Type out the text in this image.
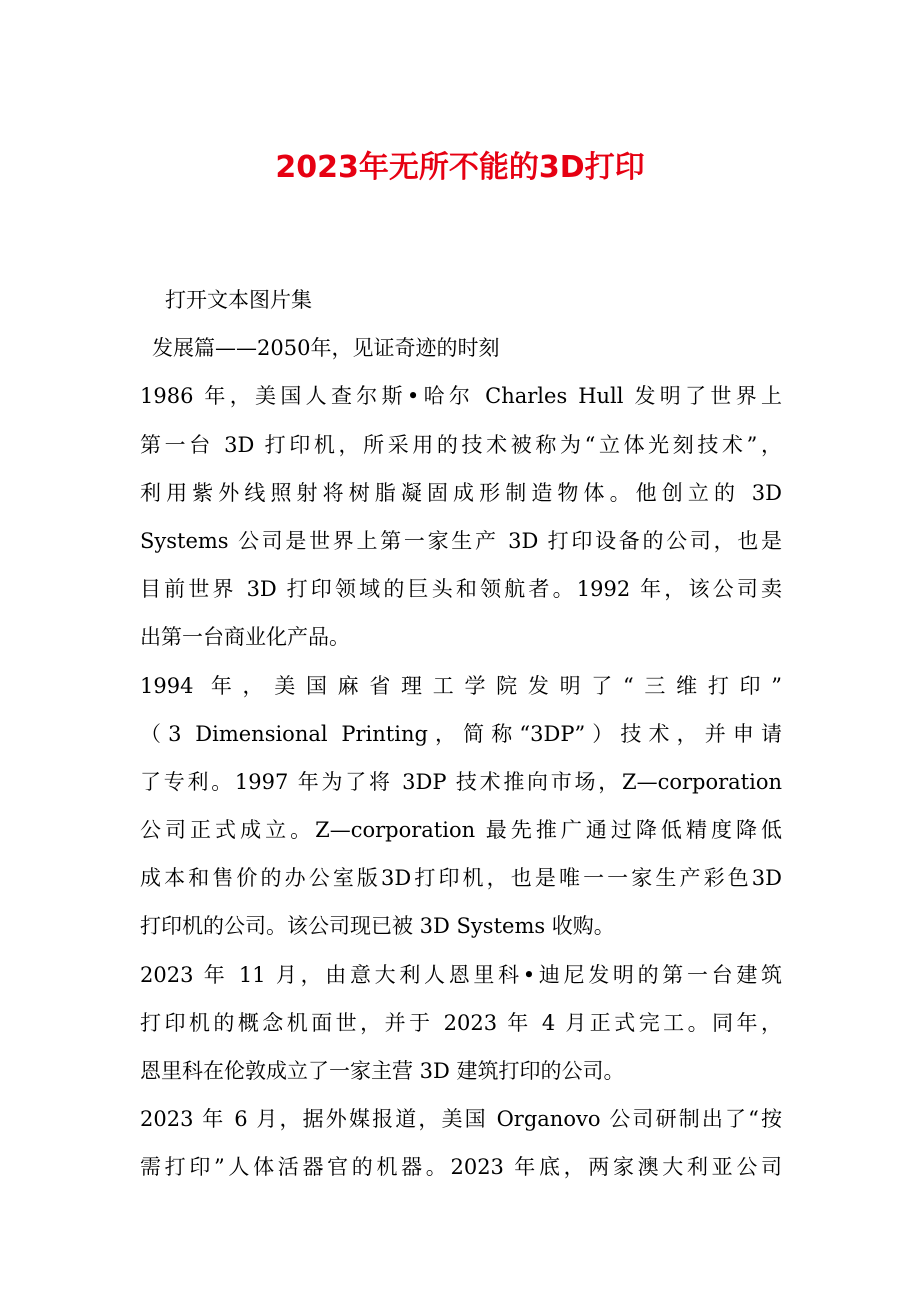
2023年无所不能的3D打印
打开文本图片集
发展篇——2050年，见证奇迹的时刻
1986 年，美国人查尔斯•哈尔 Charles Hull 发明了世界上
第一台 3D 打印机，所采用的技术被称为“立体光刻技术”，
利用紫外线照射将树脂凝固成形制造物体。他创立的 3D
Systems 公司是世界上第一家生产 3D 打印设备的公司，也是
目前世界 3D 打印领域的巨头和领航者。1992 年，该公司卖
出第一台商业化产品。
1994 年，美国麻省理工学院发明了“三维打印”
（3 Dimensional Printing，简称“3DP”）技术，并申请
了专利。1997 年为了将 3DP 技术推向市场，Z—corporation
公司正式成立。Z—corporation 最先推广通过降低精度降低
成本和售价的办公室版3D打印机，也是唯一一家生产彩色3D
打印机的公司。该公司现已被 3D Systems 收购。
2023 年 11 月，由意大利人恩里科•迪尼发明的第一台建筑
打印机的概念机面世，并于 2023 年 4 月正式完工。同年，
恩里科在伦敦成立了一家主营 3D 建筑打印的公司。
2023 年 6 月，据外媒报道，美国 Organovo 公司研制出了“按
需打印”人体活器官的机器。2023 年底，两家澳大利亚公司
